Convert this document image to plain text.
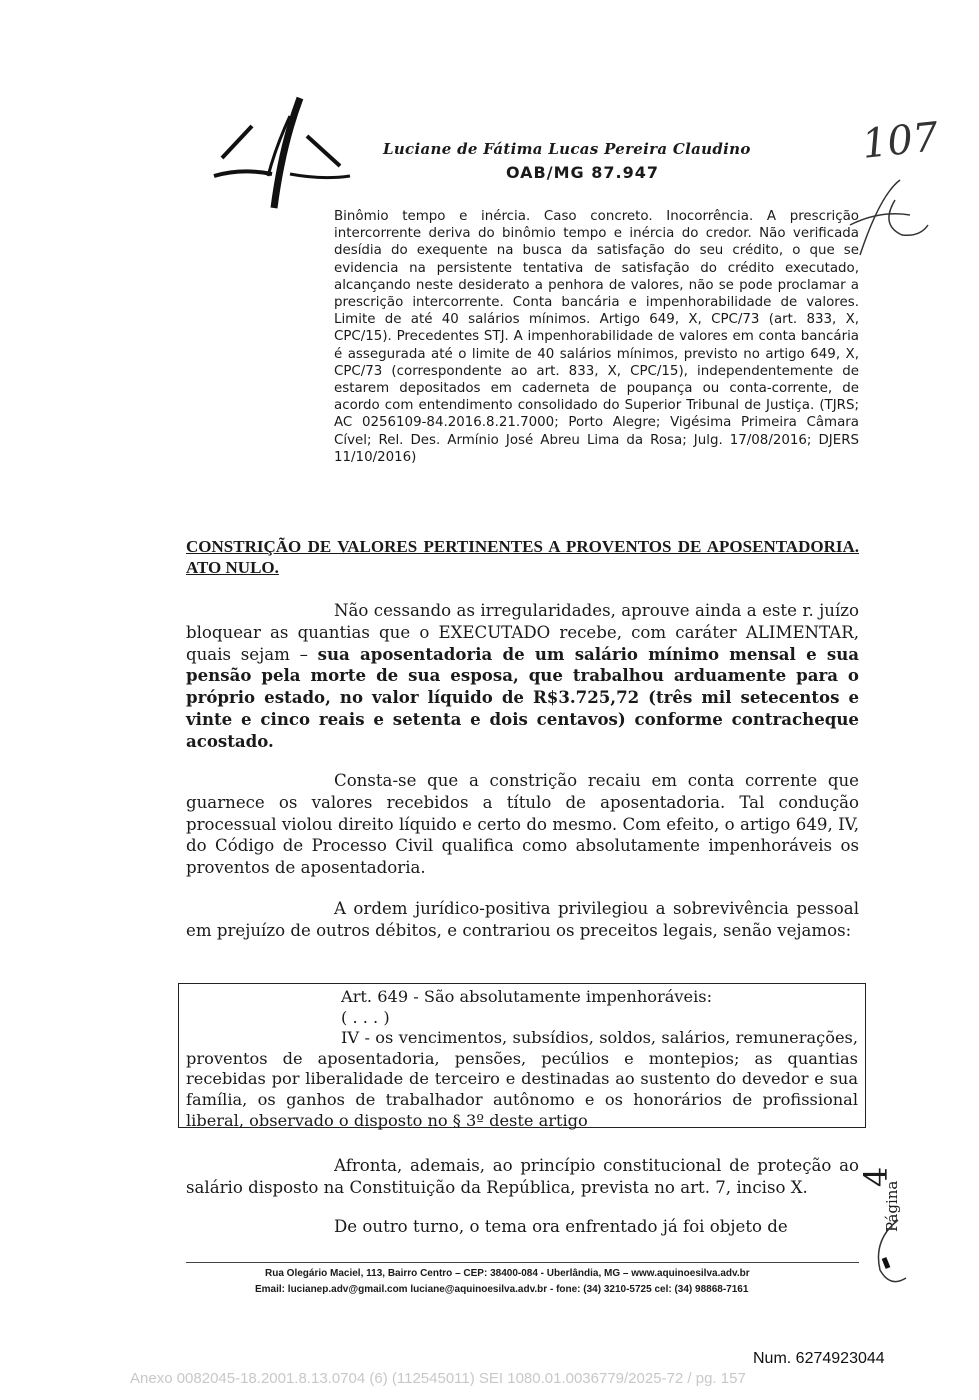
Luciane de Fátima Lucas Pereira Claudino
OAB/MG 87.947
107
Binômio tempo e inércia. Caso concreto. Inocorrência. A prescrição intercorrente deriva do binômio tempo e inércia do credor. Não verificada desídia do exequente na busca da satisfação do seu crédito, o que se evidencia na persistente tentativa de satisfação do crédito executado, alcançando neste desiderato a penhora de valores, não se pode proclamar a prescrição intercorrente. Conta bancária e impenhorabilidade de valores. Limite de até 40 salários mínimos. Artigo 649, X, CPC/73 (art. 833, X, CPC/15). Precedentes STJ. A impenhorabilidade de valores em conta bancária é assegurada até o limite de 40 salários mínimos, previsto no artigo 649, X, CPC/73 (correspondente ao art. 833, X, CPC/15), independentemente de estarem depositados em caderneta de poupança ou conta-corrente, de acordo com entendimento consolidado do Superior Tribunal de Justiça. (TJRS; AC 0256109-84.2016.8.21.7000; Porto Alegre; Vigésima Primeira Câmara Cível; Rel. Des. Armínio José Abreu Lima da Rosa; Julg. 17/08/2016; DJERS 11/10/2016)
CONSTRIÇÃO DE VALORES PERTINENTES A PROVENTOS DE APOSENTADORIA. ATO NULO.
Não cessando as irregularidades, aprouve ainda a este r. juízo bloquear as quantias que o EXECUTADO recebe, com caráter ALIMENTAR, quais sejam – sua aposentadoria de um salário mínimo mensal e sua pensão pela morte de sua esposa, que trabalhou arduamente para o próprio estado, no valor líquido de R$3.725,72 (três mil setecentos e vinte e cinco reais e setenta e dois centavos) conforme contracheque acostado.
Consta-se que a constrição recaiu em conta corrente que guarnece os valores recebidos a título de aposentadoria. Tal condução processual violou direito líquido e certo do mesmo. Com efeito, o artigo 649, IV, do Código de Processo Civil qualifica como absolutamente impenhoráveis os proventos de aposentadoria.
A ordem jurídico-positiva privilegiou a sobrevivência pessoal em prejuízo de outros débitos, e contrariou os preceitos legais, senão vejamos:
Art. 649 - São absolutamente impenhoráveis:
( . . . )
IV - os vencimentos, subsídios, soldos, salários, remunerações, proventos de aposentadoria, pensões, pecúlios e montepios; as quantias recebidas por liberalidade de terceiro e destinadas ao sustento do devedor e sua família, os ganhos de trabalhador autônomo e os honorários de profissional liberal, observado o disposto no § 3º deste artigo
Afronta, ademais, ao princípio constitucional de proteção ao salário disposto na Constituição da República, prevista no art. 7, inciso X.
De outro turno, o tema ora enfrentado já foi objeto de
4
Página
Rua Olegário Maciel, 113, Bairro Centro – CEP: 38400-084 - Uberlândia, MG – www.aquinoesilva.adv.br
Email: lucianep.adv@gmail.com luciane@aquinoesilva.adv.br - fone: (34) 3210-5725 cel: (34) 98868-7161
Num. 6274923044
Anexo 0082045-18.2001.8.13.0704 (6) (112545011) SEI 1080.01.0036779/2025-72 / pg. 157
